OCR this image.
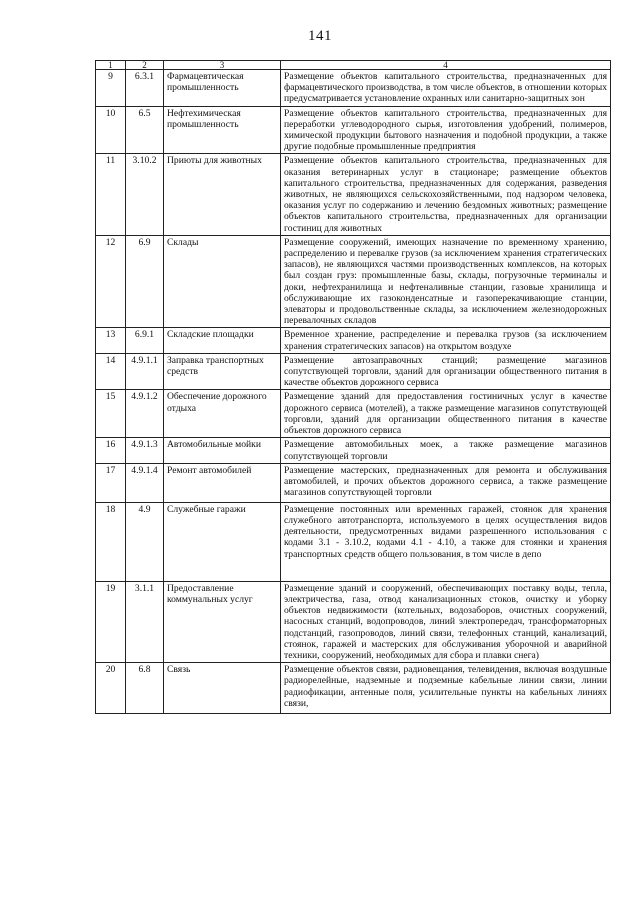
141
1	2	3	4
9	6.3.1	Фармацевтическая промышленность	Размещение объектов капитального строительства, предназначенных для фармацевтического производства, в том числе объектов, в отношении которых предусматривается установление охранных или санитарно-защитных зон
10	6.5	Нефтехимическая промышленность	Размещение объектов капитального строительства, предназначенных для переработки углеводородного сырья, изготовления удобрений, полимеров, химической продукции бытового назначения и подобной продукции, а также другие подобные промышленные предприятия
11	3.10.2	Приюты для животных	Размещение объектов капитального строительства, предназначенных для оказания ветеринарных услуг в стационаре; размещение объектов капитального строительства, предназначенных для содержания, разведения животных, не являющихся сельскохозяйственными, под надзором человека, оказания услуг по содержанию и лечению бездомных животных; размещение объектов капитального строительства, предназначенных для организации гостиниц для животных
12	6.9	Склады	Размещение сооружений, имеющих назначение по временному хранению, распределению и перевалке грузов (за исключением хранения стратегических запасов), не являющихся частями производственных комплексов, на которых был создан груз: промышленные базы, склады, погрузочные терминалы и доки, нефтехранилища и нефтеналивные станции, газовые хранилища и обслуживающие их газоконденсатные и газоперекачивающие станции, элеваторы и продовольственные склады, за исключением железнодорожных перевалочных складов
13	6.9.1	Складские площадки	Временное хранение, распределение и перевалка грузов (за исключением хранения стратегических запасов) на открытом воздухе
14	4.9.1.1	Заправка транспортных средств	Размещение автозаправочных станций; размещение магазинов сопутствующей торговли, зданий для организации общественного питания в качестве объектов дорожного сервиса
15	4.9.1.2	Обеспечение дорожного отдыха	Размещение зданий для предоставления гостиничных услуг в качестве дорожного сервиса (мотелей), а также размещение магазинов сопутствующей торговли, зданий для организации общественного питания в качестве объектов дорожного сервиса
16	4.9.1.3	Автомобильные мойки	Размещение автомобильных моек, а также размещение магазинов сопутствующей торговли
17	4.9.1.4	Ремонт автомобилей	Размещение мастерских, предназначенных для ремонта и обслуживания автомобилей, и прочих объектов дорожного сервиса, а также размещение магазинов сопутствующей торговли
18	4.9	Служебные гаражи	Размещение постоянных или временных гаражей, стоянок для хранения служебного автотранспорта, используемого в целях осуществления видов деятельности, предусмотренных видами разрешенного использования с кодами 3.1 - 3.10.2, кодами 4.1 - 4.10, а также для стоянки и хранения транспортных средств общего пользования, в том числе в депо
19	3.1.1	Предоставление коммунальных услуг	Размещение зданий и сооружений, обеспечивающих поставку воды, тепла, электричества, газа, отвод канализационных стоков, очистку и уборку объектов недвижимости (котельных, водозаборов, очистных сооружений, насосных станций, водопроводов, линий электропередач, трансформаторных подстанций, газопроводов, линий связи, телефонных станций, канализаций, стоянок, гаражей и мастерских для обслуживания уборочной и аварийной техники, сооружений, необходимых для сбора и плавки снега)
20	6.8	Связь	Размещение объектов связи, радиовещания, телевидения, включая воздушные радиорелейные, надземные и подземные кабельные линии связи, линии радиофикации, антенные поля, усилительные пункты на кабельных линиях связи,
